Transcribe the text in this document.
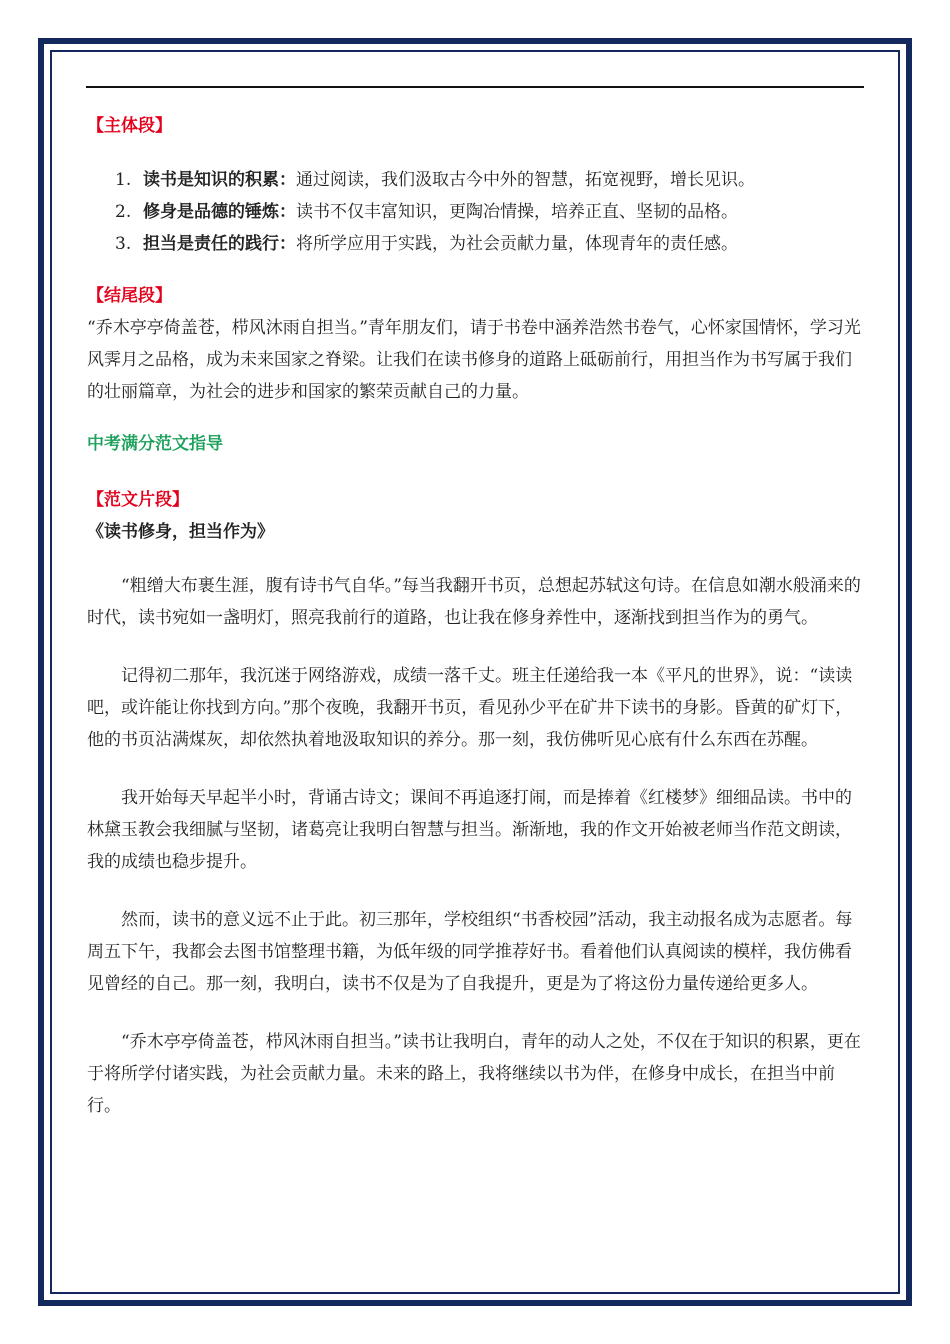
【主体段】
1. 读书是知识的积累：通过阅读，我们汲取古今中外的智慧，拓宽视野，增长见识。
2. 修身是品德的锤炼：读书不仅丰富知识，更陶冶情操，培养正直、坚韧的品格。
3. 担当是责任的践行：将所学应用于实践，为社会贡献力量，体现青年的责任感。
【结尾段】

“乔木亭亭倚盖苍，栉风沐雨自担当。”青年朋友们，请于书卷中涵养浩然书卷气，心怀家国情怀，学习光风霁月之品格，成为未来国家之脊梁。让我们在读书修身的道路上砥砺前行，用担当作为书写属于我们的壮丽篇章，为社会的进步和国家的繁荣贡献自己的力量。

中考满分范文指导
【范文片段】
《读书修身，担当作为》

“粗缯大布裹生涯，腹有诗书气自华。”每当我翻开书页，总想起苏轼这句诗。在信息如潮水般涌来的时代，读书宛如一盏明灯，照亮我前行的道路，也让我在修身养性中，逐渐找到担当作为的勇气。

记得初二那年，我沉迷于网络游戏，成绩一落千丈。班主任递给我一本《平凡的世界》，说：“读读吧，或许能让你找到方向。”那个夜晚，我翻开书页，看见孙少平在矿井下读书的身影。昏黄的矿灯下，他的书页沾满煤灰，却依然执着地汲取知识的养分。那一刻，我仿佛听见心底有什么东西在苏醒。

我开始每天早起半小时，背诵古诗文；课间不再追逐打闹，而是捧着《红楼梦》细细品读。书中的林黛玉教会我细腻与坚韧，诸葛亮让我明白智慧与担当。渐渐地，我的作文开始被老师当作范文朗读，我的成绩也稳步提升。

然而，读书的意义远不止于此。初三那年，学校组织“书香校园”活动，我主动报名成为志愿者。每周五下午，我都会去图书馆整理书籍，为低年级的同学推荐好书。看着他们认真阅读的模样，我仿佛看见曾经的自己。那一刻，我明白，读书不仅是为了自我提升，更是为了将这份力量传递给更多人。

“乔木亭亭倚盖苍，栉风沐雨自担当。”读书让我明白，青年的动人之处，不仅在于知识的积累，更在于将所学付诸实践，为社会贡献力量。未来的路上，我将继续以书为伴，在修身中成长，在担当中前行。
